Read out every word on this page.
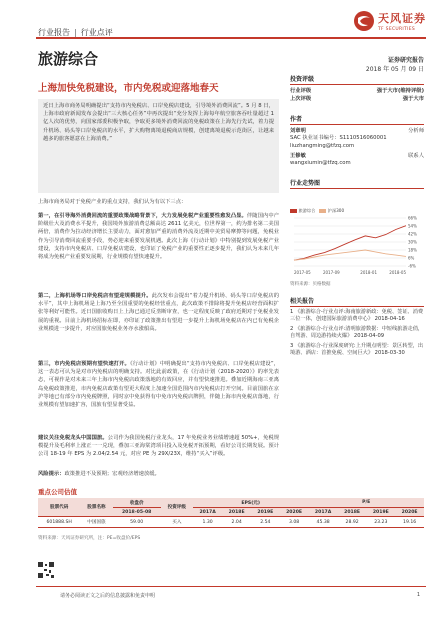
行业报告 | 行业点评
天风证券
TF SECURITIES
旅游综合	证券研究报告
2018 年 05 月 09 日
上海加快免税建设，市内免税或迎落地春天

近日上海市商务局明确提出“支持市内免税店、口岸免税店建设，引导境外消费回流”。5 月 8 日，上海市政府新闻发布会提出“三大核心任务”中再次提出“充分发挥上海每年航空旅客吞吐量超过 1 亿人次的优势，向国家部委积极争取，争取更多境外消费回流的免税政策在上海先行先试，着力提升机场、码头等口岸免税店的水平，扩大购物离境退税商店规模，创建离境退税示范街区，让越来越多的旅客愿意在上海消费。”

上海市商务局对于免税产业的重点支持，我们认为有以下三点：

第一，在引导海外消费回流的重要政策战略背景下，大力发展免税产业重要性愈发凸显。伴随国内中产阶级壮大及消费水平提升，我国境外旅游消费总额高达 2611 亿美元，位世界第一，约为排名第二美国两倍，消费作为拉动经济增长主要动力，面对愈加严重的消费外流及近期中美贸易摩擦等问题，免税业作为引导消费回流重要手段，势必迎来重要发展机遇。此次上海《行动计划》中特别提到发展免税产业建设，支持市内免税店、口岸免税店建设，也印证了免税产业的重要性正逐步提升，我们认为未来几年将成为免税产业重要发展期，行业规模有望快速提升。

第二，上海机场等口岸免税店有望迎规模提升。此次发布会提出“着力提升机场、码头等口岸免税店的水平”，其中上海机场是上海乃至全国重要的免税经营重点，此次政策不排除将提升免税店经营面积扩张等利好可能性。近日国旅收购日上上海已通过反垄断审查，也一定程度反映了政府近期对于免税业发展的重视。目前上海机场招标在即，亦印证了政策推出有望进一步提升上海机场免税店在内已有免税企业规模进一步提升，对应国旅免税业务亦水涨船高。

第三，市内免税店预期有望快速打开。《行动计划》中明确提出“支持市内免税店、口岸免税店建设”，这一表态可认为是对市内免税店的明确支持。对比此前政策，在《行动计划（2018-2020）》的率先表态，可视作是对未来三年上海市内免税店政策落地的有效回应，并有望快速推进。叠加近期海南三亚离岛免税政策推进，市内免税店政策有望更大程度上加速全国范围内市内免税店打开空间。目前国旅在京沪等地已有部分市内免税牌照，同时京中免获得有中免市内免税店牌照，伴随上海市内免税店落地，行业规模有望加速扩容，国旅有望显著受益。

建议关注免税龙头中国国旅。公司作为我国免税行业龙头，17 年免税业务业绩增速超 50%+，免税规模提升及毛利率上涨正一一兑现，叠加三亚海棠湾项目投入及免税开拓预期，看好公司长期发展。预计公司 18-19 年 EPS 为 2.04/2.54 元，对应 PE 为 29X/23X，维持“买入”评级。

风险提示：政策推进不及预期；宏观经济增速放缓。

投资评级
行业评级	强于大市(维持评级)
上次评级	强于大市
作者
刘章明	分析师
SAC 执业证书编号：S1110516060001
liuzhangming@tfzq.com
王修敏	联系人
wangxiumin@tfzq.com
行业走势图
旅游综合	沪深300
66%
54%
42%
30%
18%
6%
-6%
2017-05	2017-09	2018-01	2018-05
资料来源：贝格数据
相关报告
1 《旅游综合-行业点评:海南旅游新政：免税、签证、消费三位一体，创建国际旅游消费中心》 2018-04-16
2 《旅游综合-行业点评:清明旅游数据：中短线旅游走俏，自驾游、周边游持续火爆》 2018-04-09
3 《旅游综合-行业深度研究:上升期点明望：景区转型，出境游、酒店：首推免税、空间巨大》 2018-03-30
重点公司估值
股票代码	股票名称	收盘价	投资评级	EPS(元)				P/E			
		2018-05-08		2017A	2018E	2019E	2020E	2017A	2018E	2019E	2020E
601888.SH	中国国旅	59.00	买入	1.30	2.04	2.54	3.08	45.38	28.92	23.23	19.16
资料来源：天风证券研究所，注：PE=收盘价/EPS
请务必阅读正文之后的信息披露和免责申明	1
